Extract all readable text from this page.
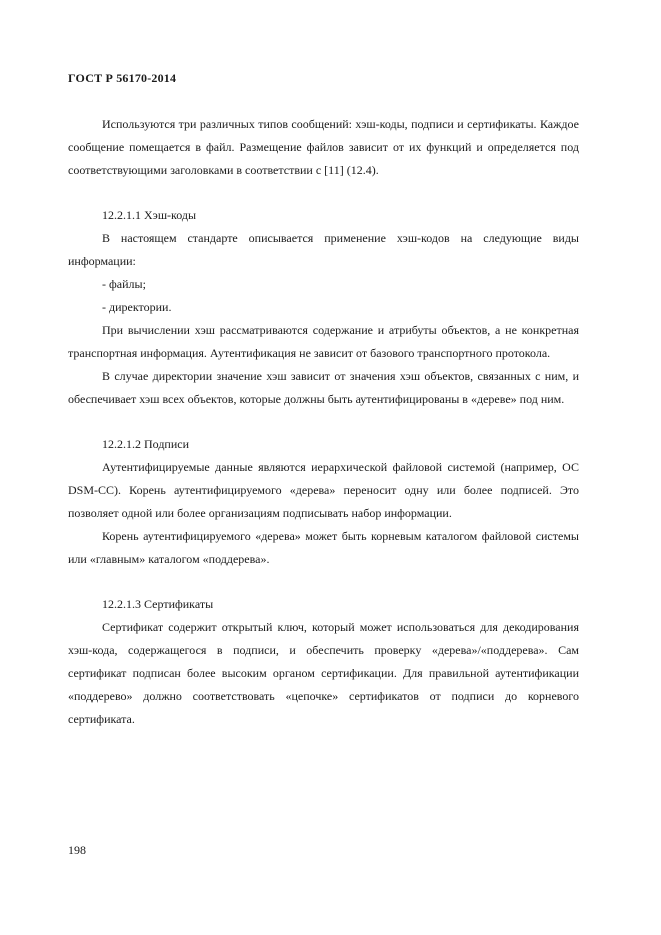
ГОСТ Р 56170-2014

Используются три различных типов сообщений: хэш-коды, подписи и сертификаты. Каждое сообщение помещается в файл. Размещение файлов зависит от их функций и определяется под соответствующими заголовками в соответствии с [11] (12.4).

12.2.1.1 Хэш-коды

В настоящем стандарте описывается применение хэш-кодов на следующие виды информации:

- файлы;

- директории.

При вычислении хэш рассматриваются содержание и атрибуты объектов, а не конкретная транспортная информация. Аутентификация не зависит от базового транспортного протокола.

В случае директории значение хэш зависит от значения хэш объектов, связанных с ним, и обеспечивает хэш всех объектов, которые должны быть аутентифицированы в «дереве» под ним.

12.2.1.2 Подписи

Аутентифицируемые данные являются иерархической файловой системой (например, ОС DSM-CC). Корень аутентифицируемого «дерева» переносит одну или более подписей. Это позволяет одной или более организациям подписывать набор информации.

Корень аутентифицируемого «дерева» может быть корневым каталогом файловой системы или «главным» каталогом «поддерева».

12.2.1.3 Сертификаты

Сертификат содержит открытый ключ, который может использоваться для декодирования хэш-кода, содержащегося в подписи, и обеспечить проверку «дерева»/«поддерева». Сам сертификат подписан более высоким органом сертификации. Для правильной аутентификации «поддерево» должно соответствовать «цепочке» сертификатов от подписи до корневого сертификата.

198
